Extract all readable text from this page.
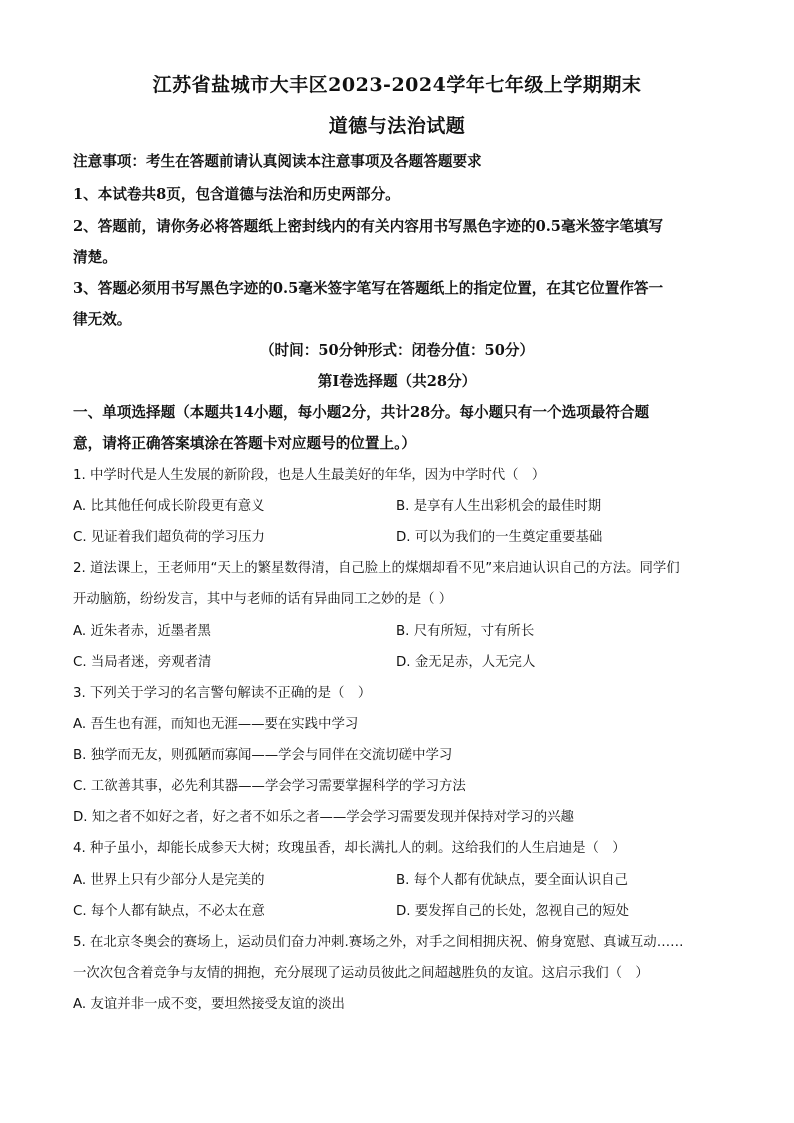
江苏省盐城市大丰区2023-2024学年七年级上学期期末
道德与法治试题
注意事项：考生在答题前请认真阅读本注意事项及各题答题要求
1、本试卷共8页，包含道德与法治和历史两部分。
2、答题前，请你务必将答题纸上密封线内的有关内容用书写黑色字迹的0.5毫米签字笔填写
清楚。
3、答题必须用书写黑色字迹的0.5毫米签字笔写在答题纸上的指定位置，在其它位置作答一
律无效。
（时间：50分钟形式：闭卷分值：50分）
第Ⅰ卷选择题（共28分）
一、单项选择题（本题共14小题，每小题2分，共计28分。每小题只有一个选项最符合题
意，请将正确答案填涂在答题卡对应题号的位置上。）
1. 中学时代是人生发展的新阶段，也是人生最美好的年华，因为中学时代（　）
A. 比其他任何成长阶段更有意义	B. 是享有人生出彩机会的最佳时期
C. 见证着我们超负荷的学习压力	D. 可以为我们的一生奠定重要基础
2. 道法课上，王老师用“天上的繁星数得清，自己脸上的煤烟却看不见”来启迪认识自己的方法。同学们
开动脑筋，纷纷发言，其中与老师的话有异曲同工之妙的是（ ）
A. 近朱者赤，近墨者黑	B. 尺有所短，寸有所长
C. 当局者迷，旁观者清	D. 金无足赤，人无完人
3. 下列关于学习的名言警句解读不正确的是（　）
A. 吾生也有涯，而知也无涯——要在实践中学习
B. 独学而无友，则孤陋而寡闻——学会与同伴在交流切磋中学习
C. 工欲善其事，必先利其器——学会学习需要掌握科学的学习方法
D. 知之者不如好之者，好之者不如乐之者——学会学习需要发现并保持对学习的兴趣
4. 种子虽小，却能长成参天大树；玫瑰虽香，却长满扎人的刺。这给我们的人生启迪是（　）
A. 世界上只有少部分人是完美的	B. 每个人都有优缺点，要全面认识自己
C. 每个人都有缺点，不必太在意	D. 要发挥自己的长处，忽视自己的短处
5. 在北京冬奥会的赛场上，运动员们奋力冲刺.赛场之外，对手之间相拥庆祝、俯身宽慰、真诚互动……
一次次包含着竞争与友情的拥抱，充分展现了运动员彼此之间超越胜负的友谊。这启示我们（　）
A. 友谊并非一成不变，要坦然接受友谊的淡出
